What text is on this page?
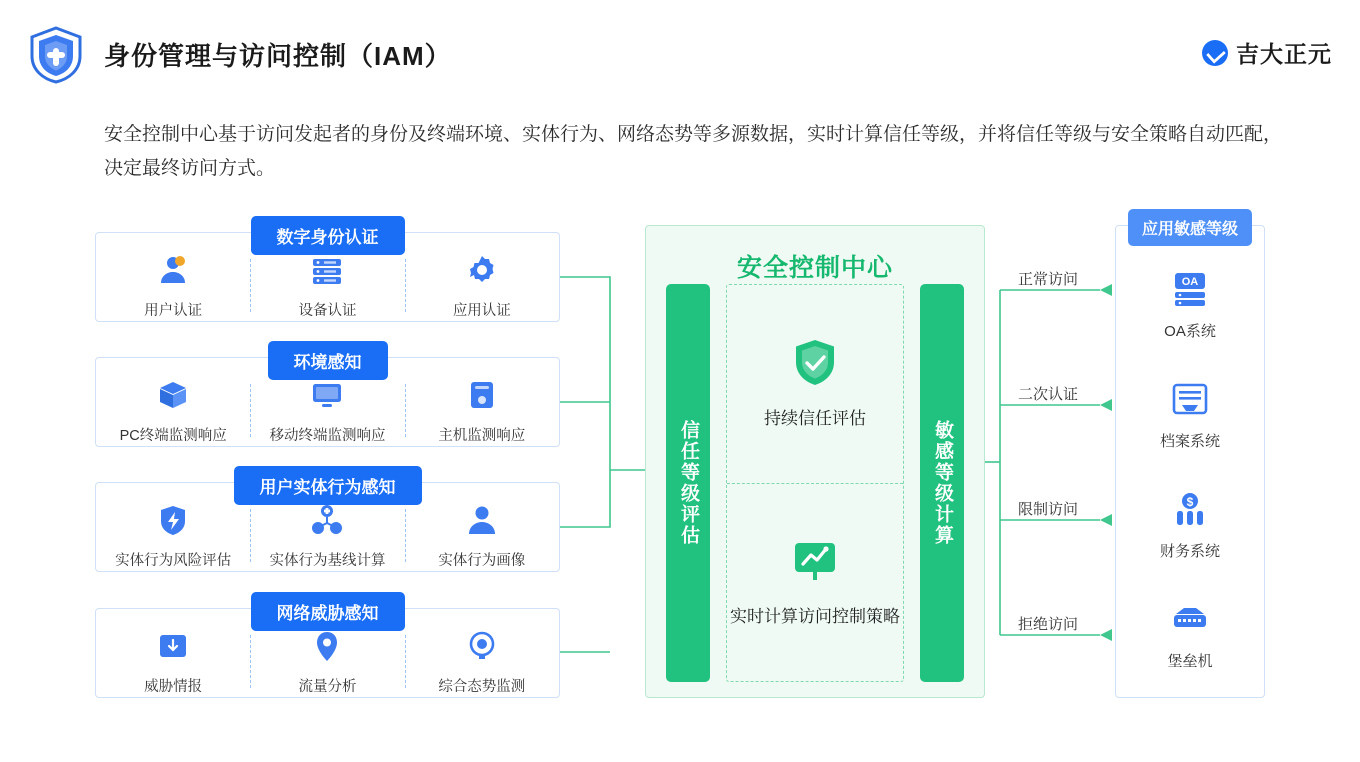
身份管理与访问控制（IAM）	吉大正元
安全控制中心基于访问发起者的身份及终端环境、实体行为、网络态势等多源数据，实时计算信任等级，并将信任等级与安全策略自动匹配，决定最终访问方式。
数字身份认证
用户认证	设备认证	应用认证
环境感知
PC终端监测响应	移动终端监测响应	主机监测响应
用户实体行为感知
实体行为风险评估	实体行为基线计算	实体行为画像
网络威胁感知
威胁情报	流量分析	综合态势监测
安全控制中心
信任等级评估	敏感等级计算
持续信任评估
实时计算访问控制策略
正常访问
二次认证
限制访问
拒绝访问
应用敏感等级
OA
OA系统
档案系统
$
财务系统
堡垒机
